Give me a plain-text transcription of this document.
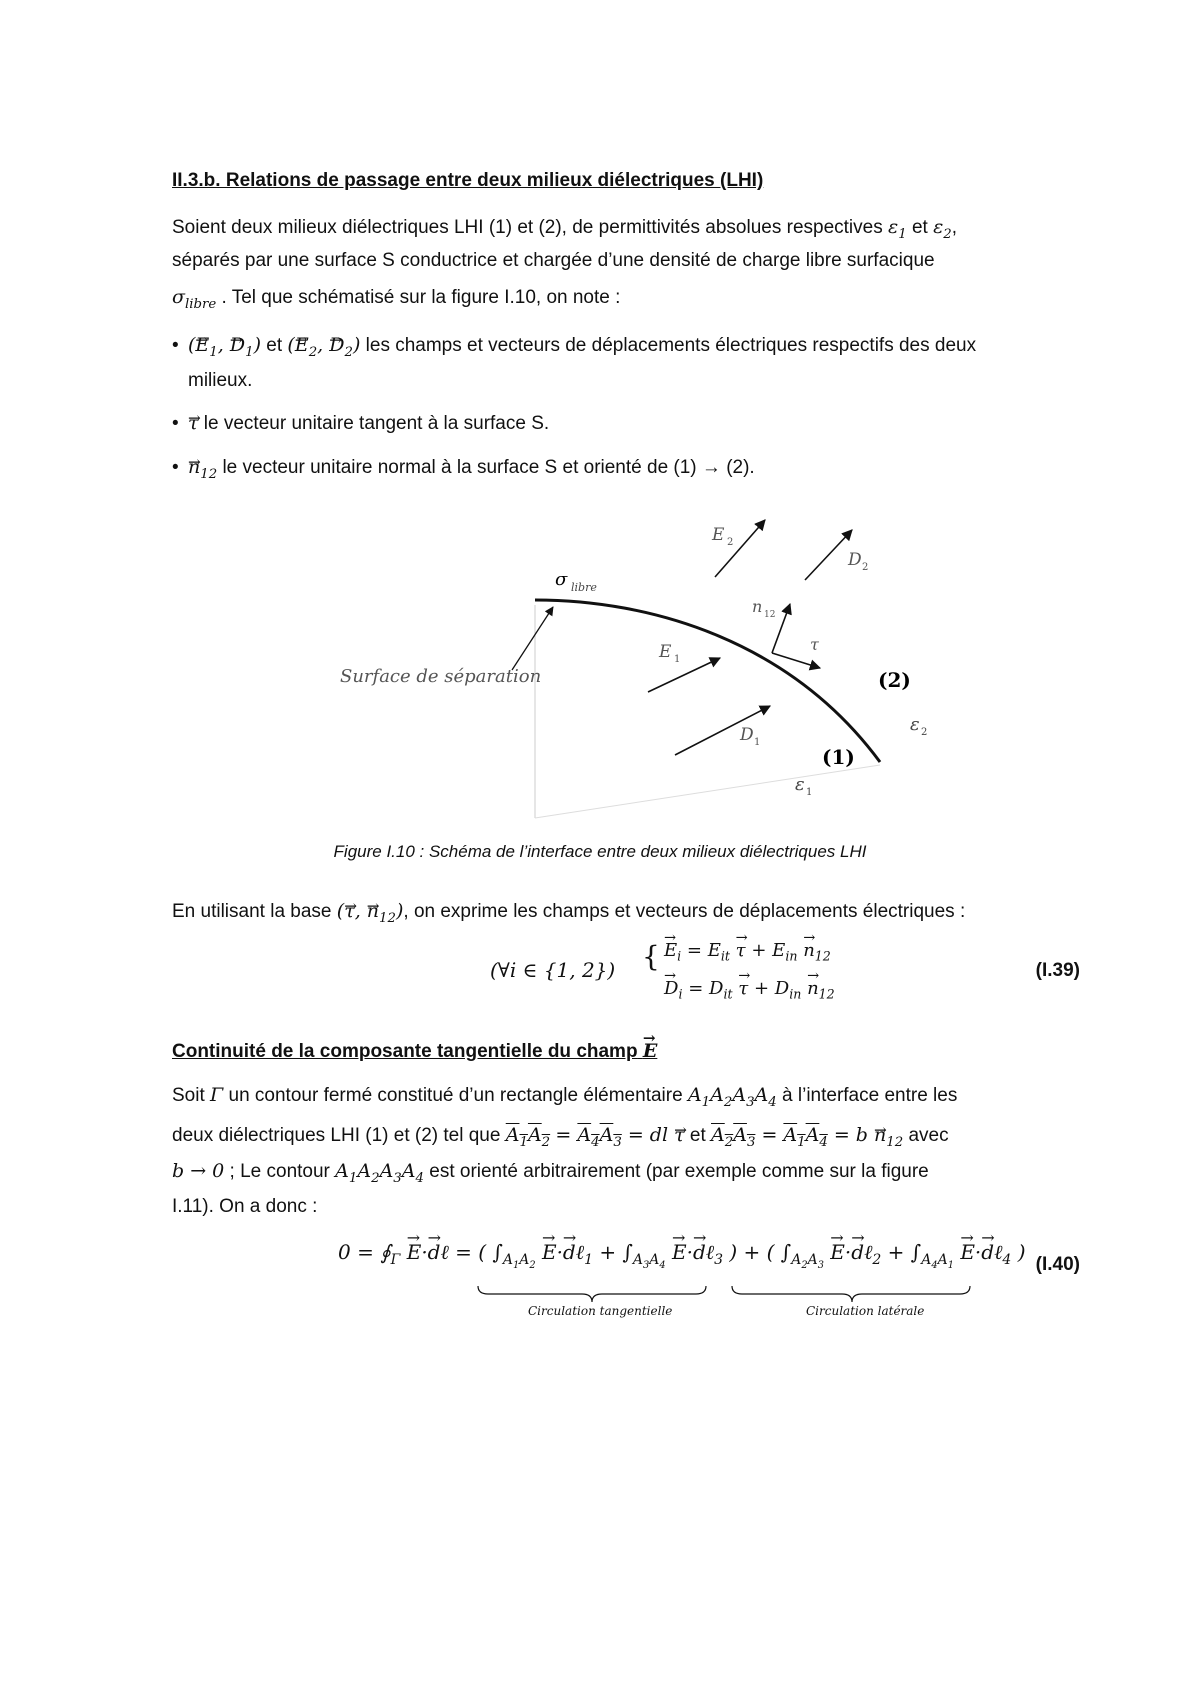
II.3.b. Relations de passage entre deux milieux diélectriques (LHI)
Soient deux milieux diélectriques LHI (1) et (2), de permittivités absolues respectives $\varepsilon_1$ et $\varepsilon_2$,
séparés par une surface S conductrice et chargée d’une densité de charge libre surfacique
$\sigma_{libre}$ . Tel que schématisé sur la figure I.10, on note :
• (→ $E_1$, → $D_1$) et (→ $E_2$, → $D_2$) les champs et vecteurs de déplacements électriques respectifs des deux
milieux.
• → τ le vecteur unitaire tangent à la surface S.
• → $n_{12}$ le vecteur unitaire normal à la surface S et orienté de (1) → (2).
σ libre
Surface de séparation
E 2
D 2
n 12
τ
E 1
D 1
(2)
ε 2
(1)
ε 1
Figure I.10 : Schéma de l’interface entre deux milieux diélectriques LHI
En utilisant la base (→ τ, → $n_{12}$), on exprime les champs et vecteurs de déplacements électriques :
(∀i ∈ {1, 2}) { → $E_i = E_{it} \to \tau + E_{in} \to n_{12}$
→ $D_i = D_{it} \to \tau + D_{in} \to n_{12}$
(I.39)
Continuité de la composante tangentielle du champ → E
Soit Γ un contour fermé constitué d’un rectangle élémentaire $A_1A_2A_3A_4$ à l’interface entre les
deux diélectriques LHI (1) et (2) tel que $A_1A_2 = A_4A_3$ = dl → τ et $A_2A_3 = A_1A_4 = b \to n_{12}$ avec
b → 0 ; Le contour $A_1A_2A_3A_4$ est orienté arbitrairement (par exemple comme sur la figure
I.11). On a donc :
$0 = ∮_\Gamma \to E\cdot\to$ dℓ = ( $\int_{A_1A_2} \to E\cdot\to$ dℓ$_1$ + $\int_{A_3A_4} \to E\cdot\to$ dℓ$_3$ ) + ( $\int_{A_2A_3} \to E\cdot\to$ dℓ$_2$ + $\int_{A_4A_1} \to E\cdot\to$ dℓ$_4$ )
Circulation tangentielle	Circulation latérale
(I.40)
